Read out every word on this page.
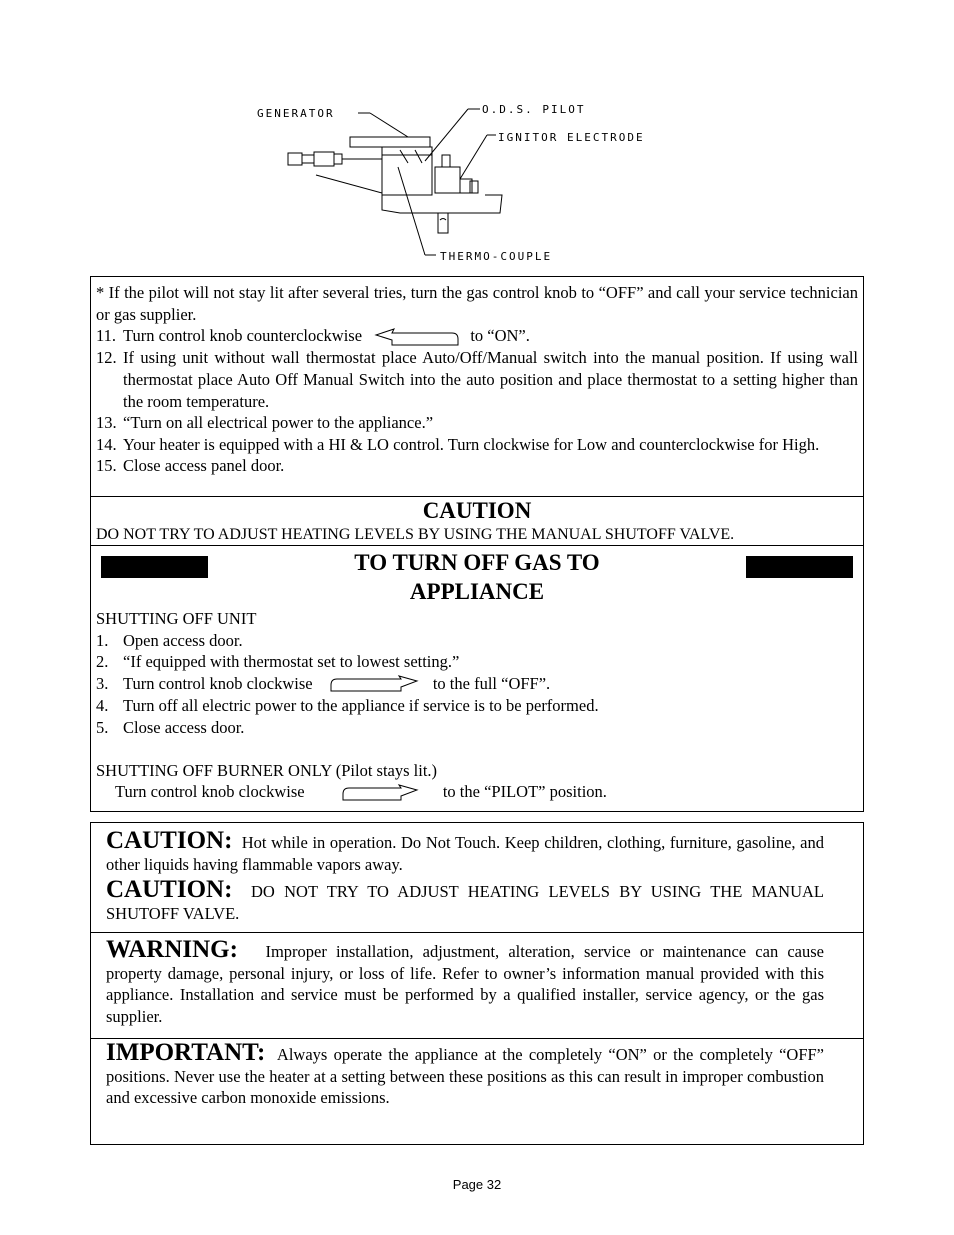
GENERATOR	O.D.S. PILOT
IGNITOR ELECTRODE
THERMO-COUPLE
* If the pilot will not stay lit after several tries, turn the gas control knob to “OFF” and call your service technician or gas supplier.
11. Turn control knob counterclockwise	to “ON”.
12. If using unit without wall thermostat place Auto/Off/Manual switch into the manual position. If using wall thermostat place Auto Off Manual Switch into the auto position and place thermostat to a setting higher than the room temperature.
13. “Turn on all electrical power to the appliance.”
14. Your heater is equipped with a HI & LO control. Turn clockwise for Low and counterclockwise for High.
15. Close access panel door.
CAUTION
DO NOT TRY TO ADJUST HEATING LEVELS BY USING THE MANUAL SHUTOFF VALVE.
TO TURN OFF GAS TO
APPLIANCE
SHUTTING OFF UNIT
1. Open access door.
2. “If equipped with thermostat set to lowest setting.”
3. Turn control knob clockwise	to the full “OFF”.
4. Turn off all electric power to the appliance if service is to be performed.
5. Close access door.
SHUTTING OFF BURNER ONLY (Pilot stays lit.)
Turn control knob clockwise	to the “PILOT” position.
CAUTION: Hot while in operation. Do Not Touch. Keep children, clothing, furniture, gasoline, and other liquids having flammable vapors away.
CAUTION: DO NOT TRY TO ADJUST HEATING LEVELS BY USING THE MANUAL SHUTOFF VALVE.
WARNING: Improper installation, adjustment, alteration, service or maintenance can cause property damage, personal injury, or loss of life. Refer to owner’s information manual provided with this appliance. Installation and service must be performed by a qualified installer, service agency, or the gas supplier.
IMPORTANT: Always operate the appliance at the completely “ON” or the completely “OFF” positions. Never use the heater at a setting between these positions as this can result in improper combustion and excessive carbon monoxide emissions.
Page 32
